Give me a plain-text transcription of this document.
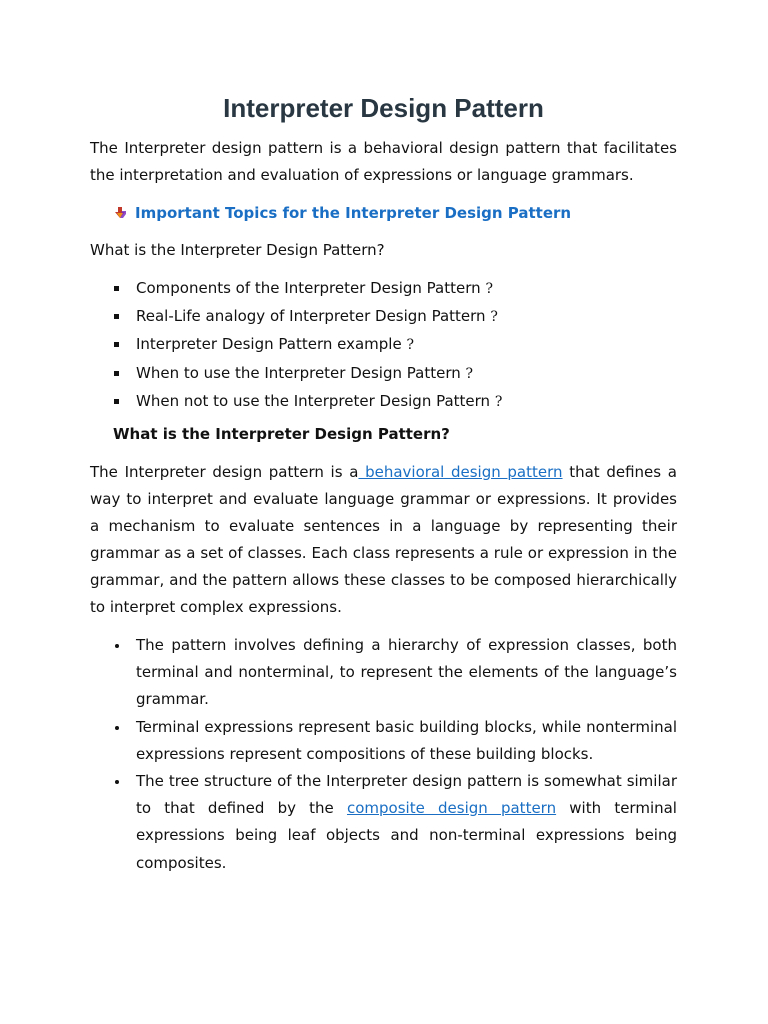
Interpreter Design Pattern

The Interpreter design pattern is a behavioral design pattern that facilitates the interpretation and evaluation of expressions or language grammars.

Important Topics for the Interpreter Design Pattern
What is the Interpreter Design Pattern?
Components of the Interpreter Design Pattern ?
Real-Life analogy of Interpreter Design Pattern ?
Interpreter Design Pattern example ?
When to use the Interpreter Design Pattern ?
When not to use the Interpreter Design Pattern ?
What is the Interpreter Design Pattern?

The Interpreter design pattern is a behavioral design pattern that defines a way to interpret and evaluate language grammar or expressions. It provides a mechanism to evaluate sentences in a language by representing their grammar as a set of classes. Each class represents a rule or expression in the grammar, and the pattern allows these classes to be composed hierarchically to interpret complex expressions.

The pattern involves defining a hierarchy of expression classes, both terminal and nonterminal, to represent the elements of the language’s grammar.
Terminal expressions represent basic building blocks, while nonterminal expressions represent compositions of these building blocks.
The tree structure of the Interpreter design pattern is somewhat similar to that defined by the composite design pattern with terminal expressions being leaf objects and non-terminal expressions being composites.
